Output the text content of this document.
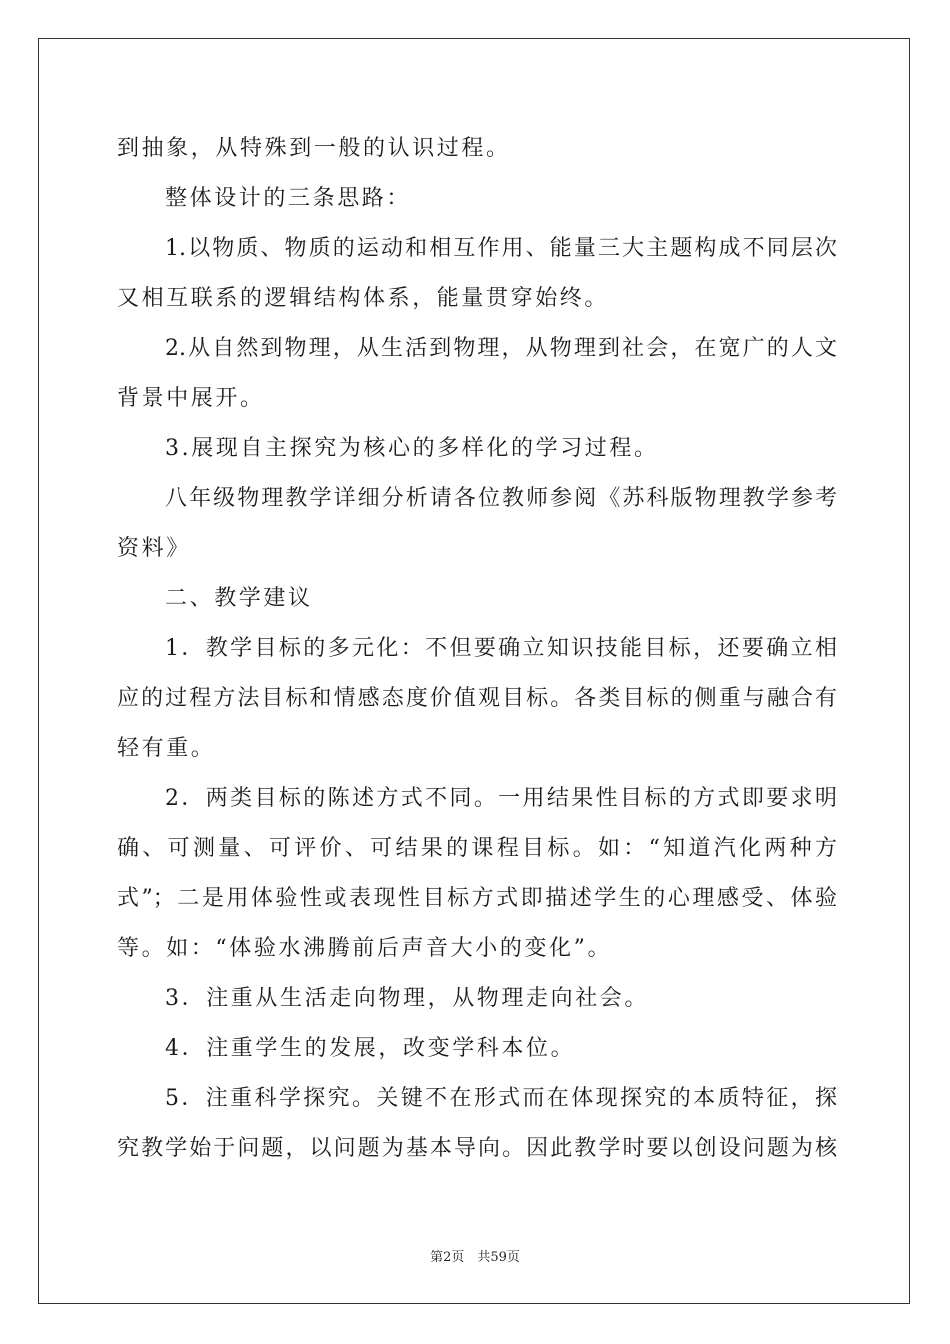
到抽象，从特殊到一般的认识过程。
整体设计的三条思路：
1.以物质、物质的运动和相互作用、能量三大主题构成不同层次
又相互联系的逻辑结构体系，能量贯穿始终。
2.从自然到物理，从生活到物理，从物理到社会，在宽广的人文
背景中展开。
3.展现自主探究为核心的多样化的学习过程。
八年级物理教学详细分析请各位教师参阅《苏科版物理教学参考
资料》
二、教学建议
1．教学目标的多元化：不但要确立知识技能目标，还要确立相
应的过程方法目标和情感态度价值观目标。各类目标的侧重与融合有
轻有重。
2．两类目标的陈述方式不同。一用结果性目标的方式即要求明
确、可测量、可评价、可结果的课程目标。如：“知道汽化两种方
式”；二是用体验性或表现性目标方式即描述学生的心理感受、体验
等。如：“体验水沸腾前后声音大小的变化”。
3．注重从生活走向物理，从物理走向社会。
4．注重学生的发展，改变学科本位。
5．注重科学探究。关键不在形式而在体现探究的本质特征，探
究教学始于问题，以问题为基本导向。因此教学时要以创设问题为核
第2页　共59页
